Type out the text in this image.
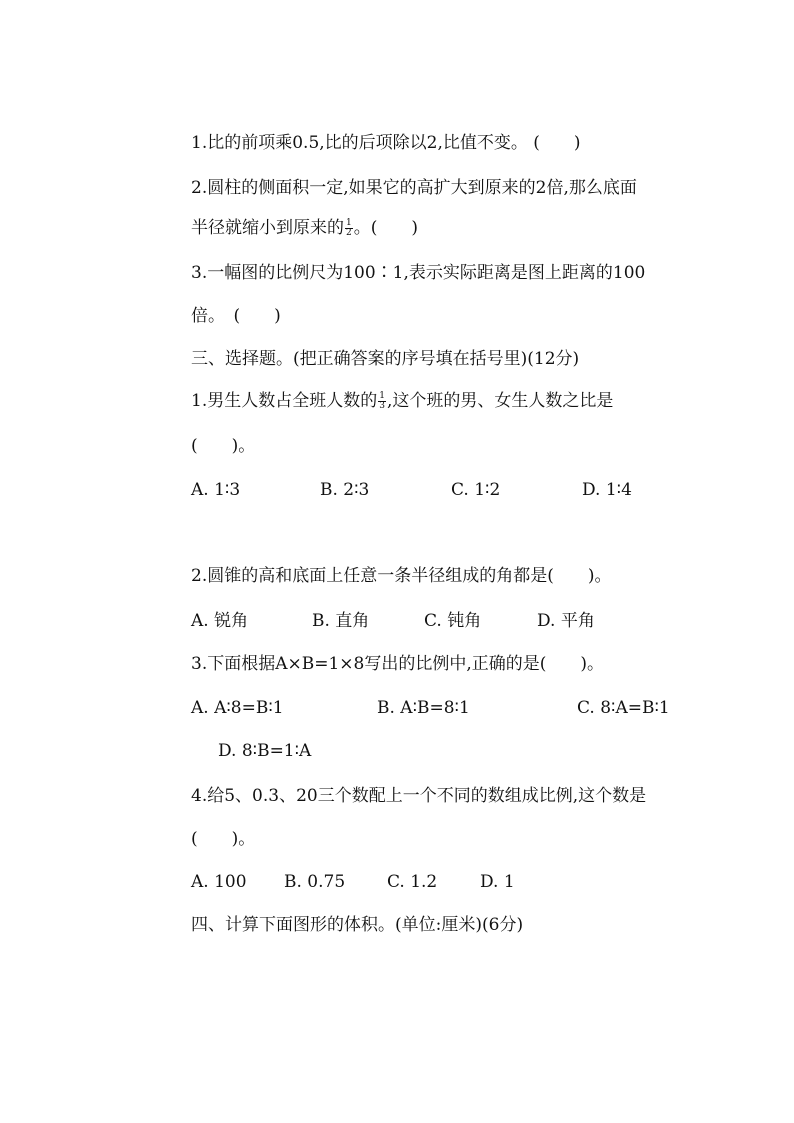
1.比的前项乘0.5,比的后项除以2,比值不变。 (　　)
2.圆柱的侧面积一定,如果它的高扩大到原来的2倍,那么底面
半径就缩小到原来的 $\frac{1}{2}$ 。(　　)
3.一幅图的比例尺为100∶1,表示实际距离是图上距离的100
倍。　(　　)
三、选择题。(把正确答案的序号填在括号里)(12分)
1.男生人数占全班人数的 $\frac{1}{3}$ ,这个班的男、女生人数之比是
(　　)。
A. 1∶3	B. 2∶3	C. 1∶2	D. 1∶4
2.圆锥的高和底面上任意一条半径组成的角都是(　　)。
A. 锐角	B. 直角	C. 钝角	D. 平角
3.下面根据A×B=1×8写出的比例中,正确的是(　　)。
A. A∶8=B∶1	B. A∶B=8∶1	C. 8∶A=B∶1
D. 8∶B=1∶A
4.给5、0.3、20三个数配上一个不同的数组成比例,这个数是
(　　)。
A. 100 B. 0.75 C. 1.2	D. 1
四、计算下面图形的体积。(单位:厘米)(6分)
